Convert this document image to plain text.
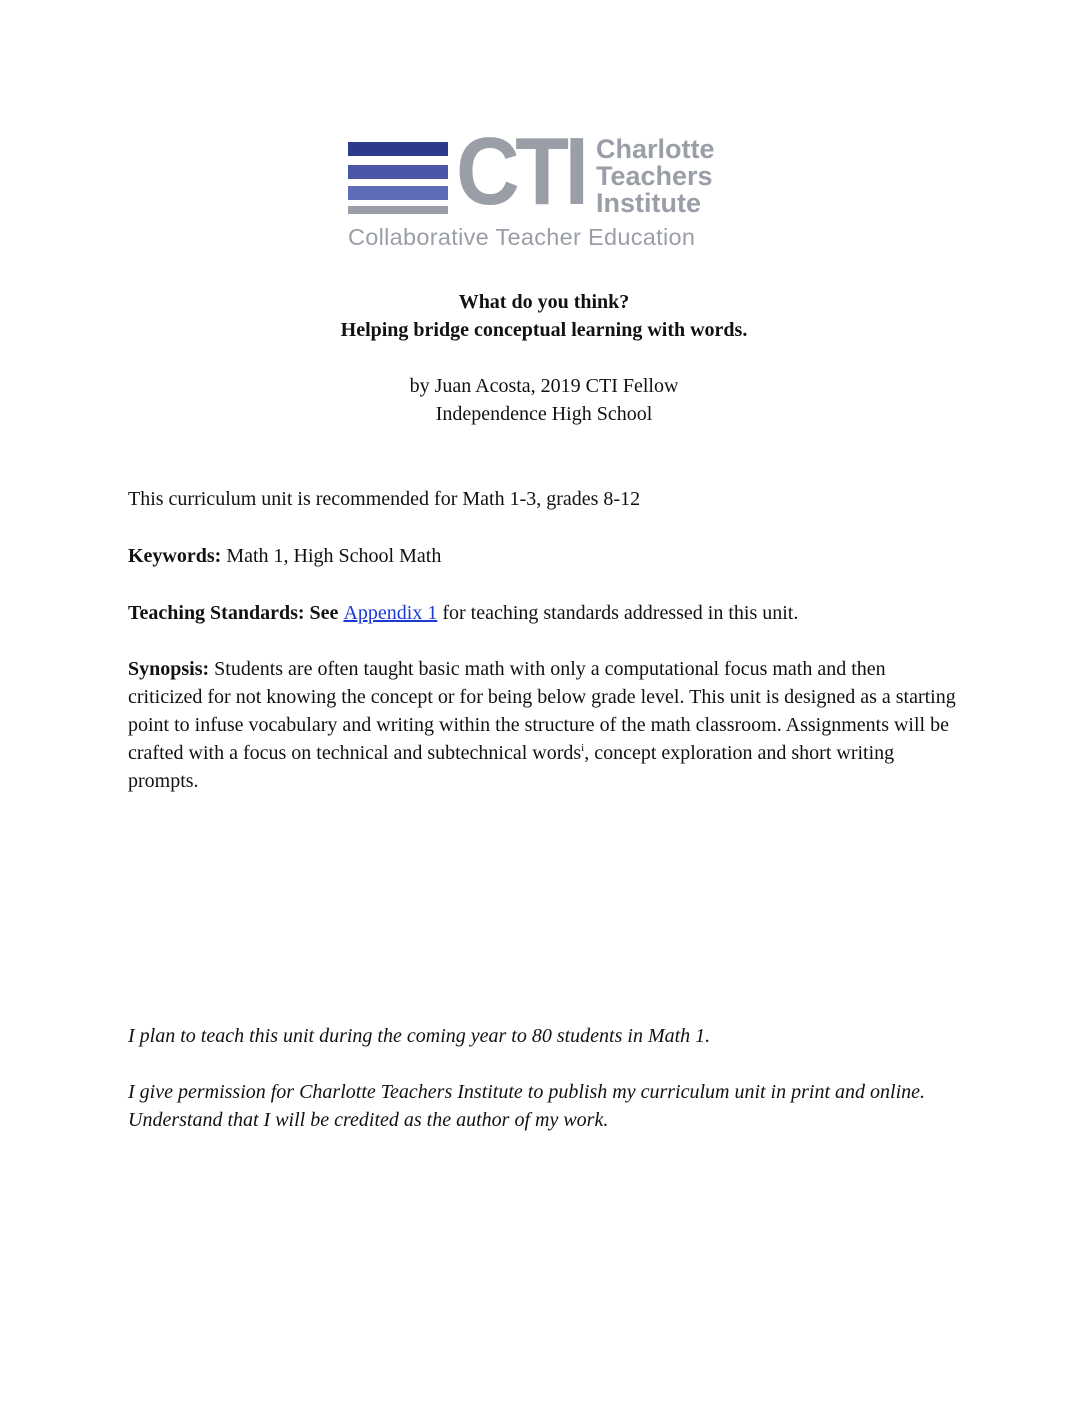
CTI Charlotte
Teachers
Institute
Collaborative Teacher Education
What do you think?
Helping bridge conceptual learning with words.
by Juan Acosta, 2019 CTI Fellow
Independence High School
This curriculum unit is recommended for Math 1-3, grades 8-12
Keywords: Math 1, High School Math
Teaching Standards: See Appendix 1 for teaching standards addressed in this unit.
Synopsis: Students are often taught basic math with only a computational focus math and then criticized for not knowing the concept or for being below grade level. This unit is designed as a starting point to infuse vocabulary and writing within the structure of the math classroom. Assignments will be crafted with a focus on technical and subtechnical words$^i$, concept exploration and short writing prompts.
I plan to teach this unit during the coming year to 80 students in Math 1.
I give permission for Charlotte Teachers Institute to publish my curriculum unit in print and online. Understand that I will be credited as the author of my work.
